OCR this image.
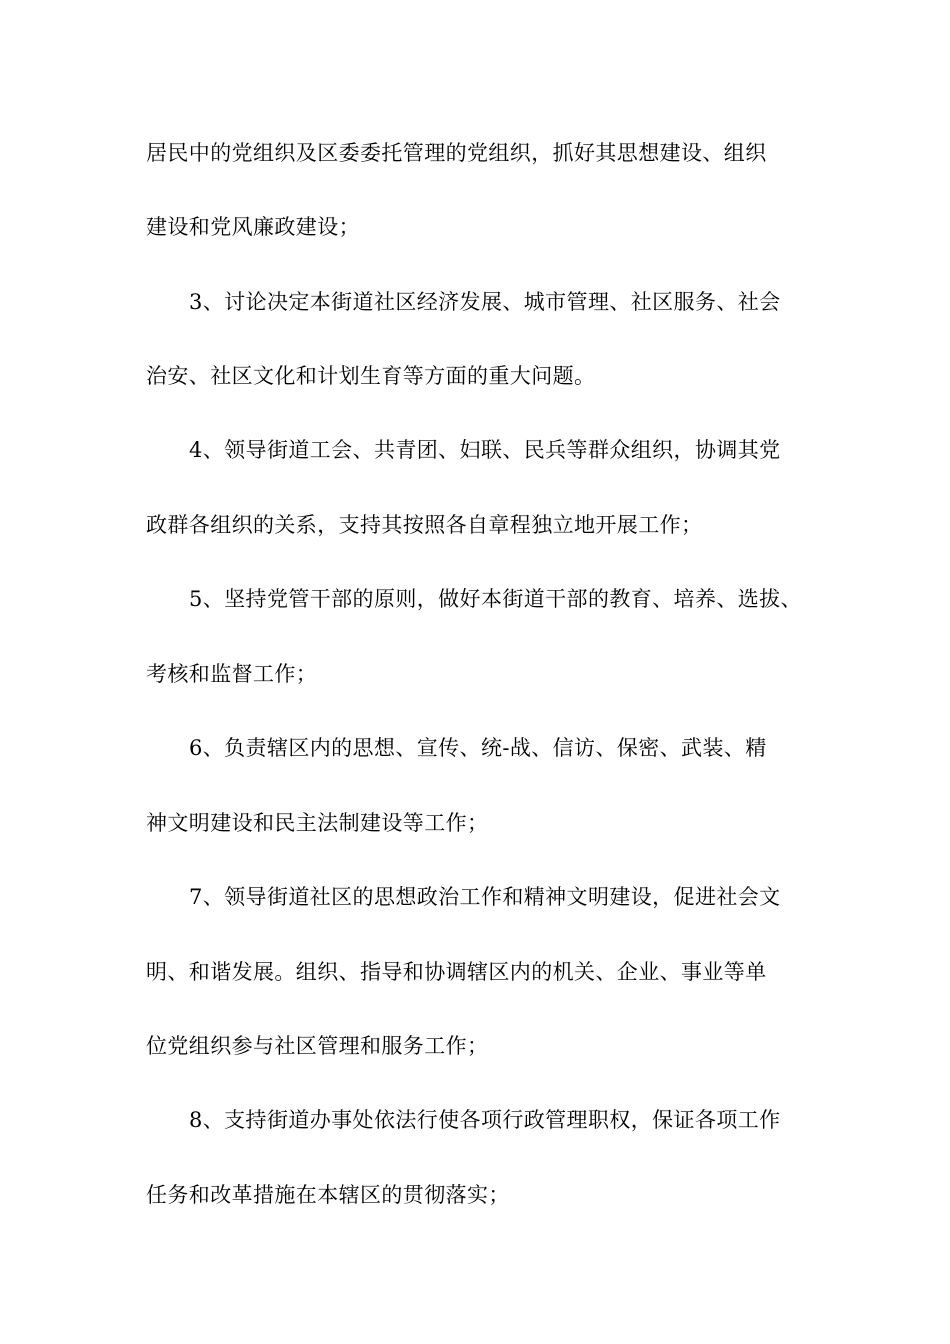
居民中的党组织及区委委托管理的党组织，抓好其思想建设、组织
建设和党风廉政建设；
3、讨论决定本街道社区经济发展、城市管理、社区服务、社会
治安、社区文化和计划生育等方面的重大问题。
4、领导街道工会、共青团、妇联、民兵等群众组织，协调其党
政群各组织的关系，支持其按照各自章程独立地开展工作；
5、坚持党管干部的原则，做好本街道干部的教育、培养、选拔、
考核和监督工作；
6、负责辖区内的思想、宣传、统-战、信访、保密、武装、精
神文明建设和民主法制建设等工作；
7、领导街道社区的思想政治工作和精神文明建设，促进社会文
明、和谐发展。组织、指导和协调辖区内的机关、企业、事业等单
位党组织参与社区管理和服务工作；
8、支持街道办事处依法行使各项行政管理职权，保证各项工作
任务和改革措施在本辖区的贯彻落实；
